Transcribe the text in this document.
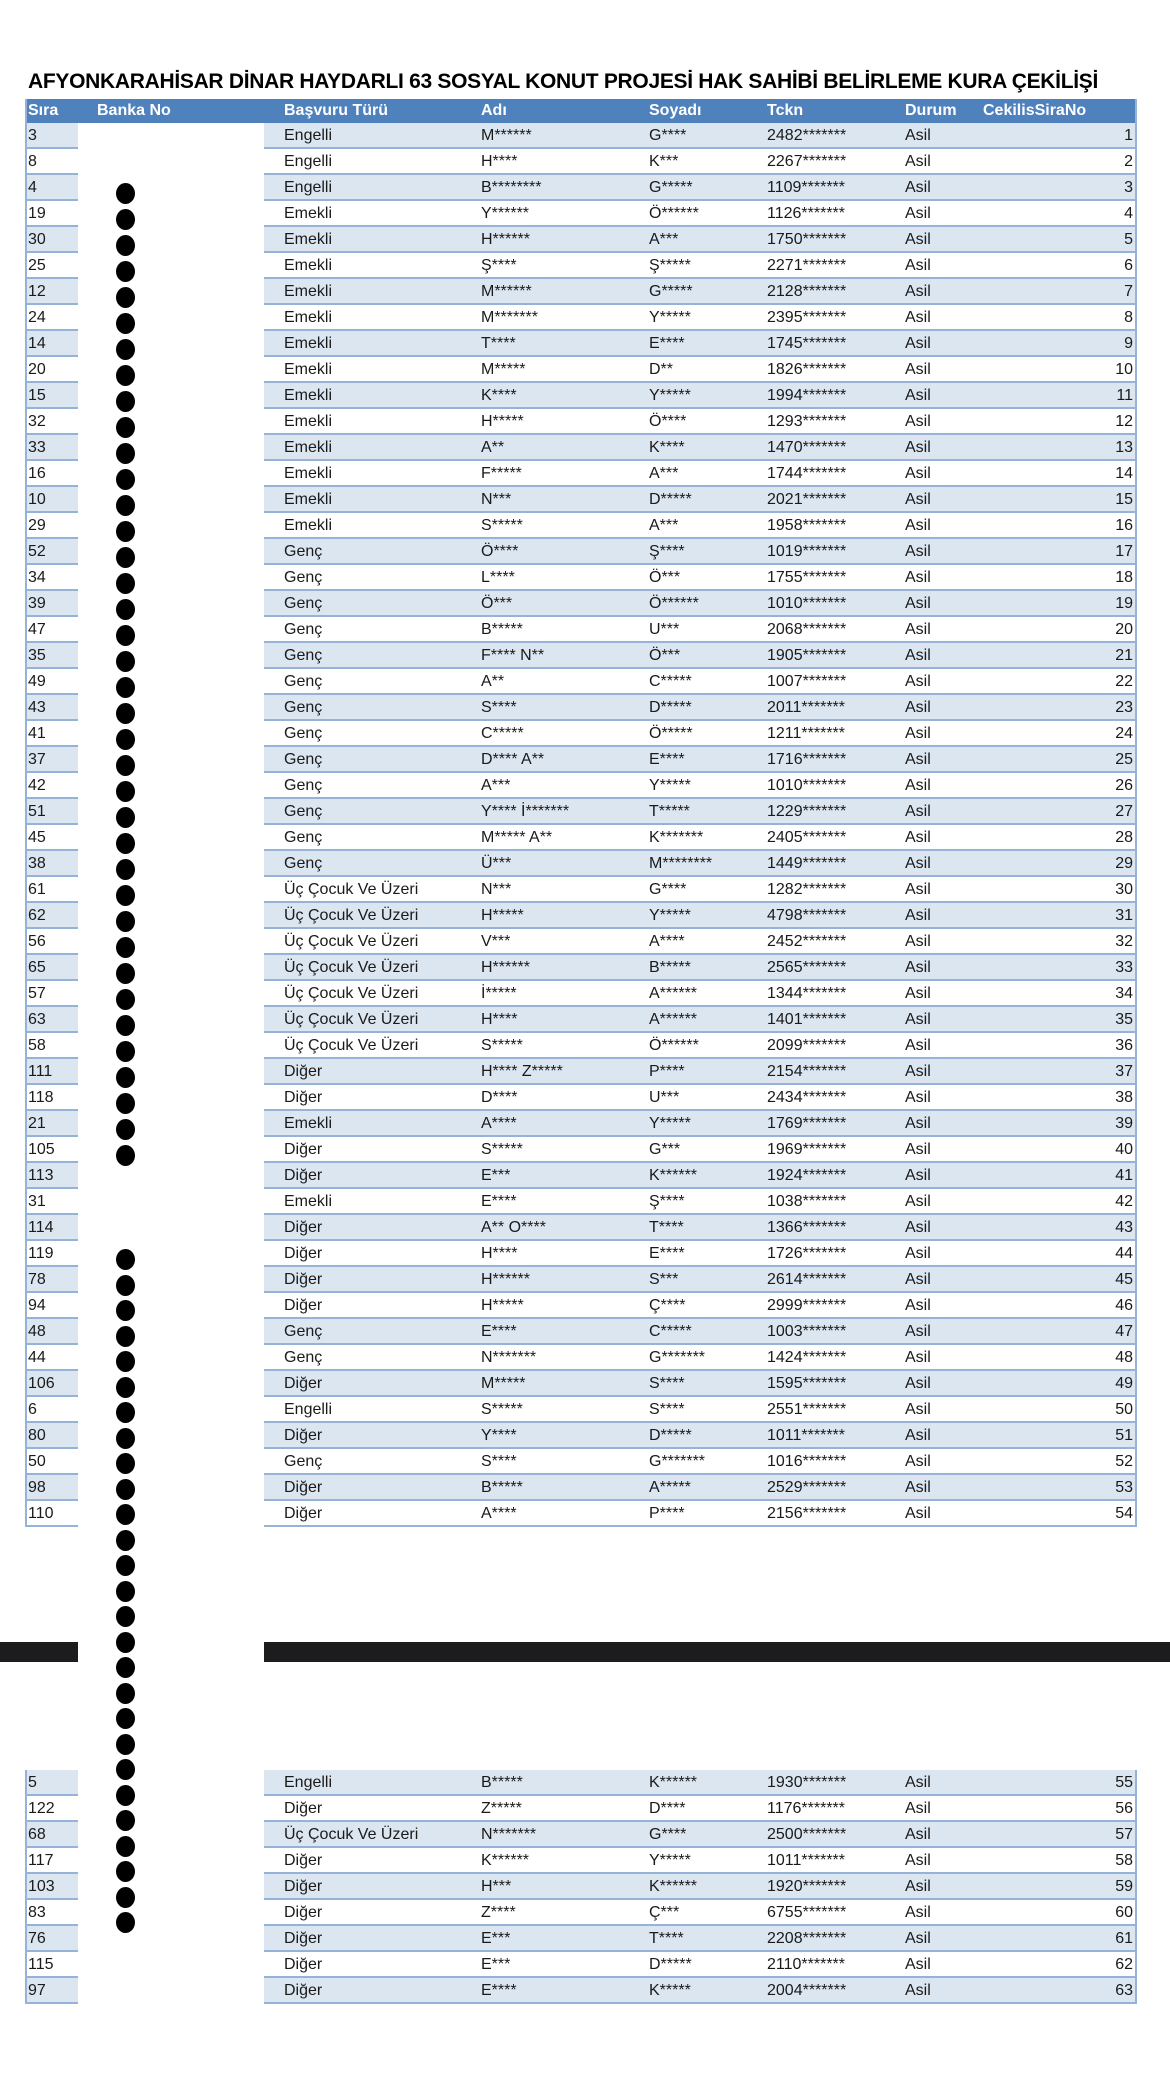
AFYONKARAHİSAR DİNAR HAYDARLI 63 SOSYAL KONUT PROJESİ HAK SAHİBİ BELİRLEME KURA ÇEKİLİŞİ
Sıra Banka No	Başvuru Türü	Adı	Soyadı	Tckn	Durum CekilisSiraNo
3	Engelli	M******	G****	2482*******	Asil	1
8	Engelli	H****	K***	2267*******	Asil	2
4	Engelli	B********	G*****	1109*******	Asil	3
19	Emekli	Y******	Ö******	1126*******	Asil	4
30	Emekli	H******	A***	1750*******	Asil	5
25	Emekli	Ş****	Ş*****	2271*******	Asil	6
12	Emekli	M******	G*****	2128*******	Asil	7
24	Emekli	M*******	Y*****	2395*******	Asil	8
14	Emekli	T****	E****	1745*******	Asil	9
20	Emekli	M*****	D**	1826*******	Asil	10
15	Emekli	K****	Y*****	1994*******	Asil	11
32	Emekli	H*****	Ö****	1293*******	Asil	12
33	Emekli	A**	K****	1470*******	Asil	13
16	Emekli	F*****	A***	1744*******	Asil	14
10	Emekli	N***	D*****	2021*******	Asil	15
29	Emekli	S*****	A***	1958*******	Asil	16
52	Genç	Ö****	Ş****	1019*******	Asil	17
34	Genç	L****	Ö***	1755*******	Asil	18
39	Genç	Ö***	Ö******	1010*******	Asil	19
47	Genç	B*****	U***	2068*******	Asil	20
35	Genç	F**** N**	Ö***	1905*******	Asil	21
49	Genç	A**	C*****	1007*******	Asil	22
43	Genç	S****	D*****	2011*******	Asil	23
41	Genç	C*****	Ö*****	1211*******	Asil	24
37	Genç	D**** A**	E****	1716*******	Asil	25
42	Genç	A***	Y*****	1010*******	Asil	26
51	Genç	Y**** İ*******	T*****	1229*******	Asil	27
45	Genç	M***** A**	K*******	2405*******	Asil	28
38	Genç	Ü***	M********	1449*******	Asil	29
61	Üç Çocuk Ve Üzeri	N***	G****	1282*******	Asil	30
62	Üç Çocuk Ve Üzeri	H*****	Y*****	4798*******	Asil	31
56	Üç Çocuk Ve Üzeri	V***	A****	2452*******	Asil	32
65	Üç Çocuk Ve Üzeri	H******	B*****	2565*******	Asil	33
57	Üç Çocuk Ve Üzeri	İ*****	A******	1344*******	Asil	34
63	Üç Çocuk Ve Üzeri	H****	A******	1401*******	Asil	35
58	Üç Çocuk Ve Üzeri	S*****	Ö******	2099*******	Asil	36
111	Diğer	H**** Z*****	P****	2154*******	Asil	37
118	Diğer	D****	U***	2434*******	Asil	38
21	Emekli	A****	Y*****	1769*******	Asil	39
105	Diğer	S*****	G***	1969*******	Asil	40
113	Diğer	E***	K******	1924*******	Asil	41
31	Emekli	E****	Ş****	1038*******	Asil	42
114	Diğer	A** O****	T****	1366*******	Asil	43
119	Diğer	H****	E****	1726*******	Asil	44
78	Diğer	H******	S***	2614*******	Asil	45
94	Diğer	H*****	Ç****	2999*******	Asil	46
48	Genç	E****	C*****	1003*******	Asil	47
44	Genç	N*******	G*******	1424*******	Asil	48
106	Diğer	M*****	S****	1595*******	Asil	49
6	Engelli	S*****	S****	2551*******	Asil	50
80	Diğer	Y****	D*****	1011*******	Asil	51
50	Genç	S****	G*******	1016*******	Asil	52
98	Diğer	B*****	A*****	2529*******	Asil	53
110	Diğer	A****	P****	2156*******	Asil	54
5	Engelli	B*****	K******	1930*******	Asil	55
122	Diğer	Z*****	D****	1176*******	Asil	56
68	Üç Çocuk Ve Üzeri	N*******	G****	2500*******	Asil	57
117	Diğer	K******	Y*****	1011*******	Asil	58
103	Diğer	H***	K******	1920*******	Asil	59
83	Diğer	Z****	Ç***	6755*******	Asil	60
76	Diğer	E***	T****	2208*******	Asil	61
115	Diğer	E***	D*****	2110*******	Asil	62
97	Diğer	E****	K*****	2004*******	Asil	63
